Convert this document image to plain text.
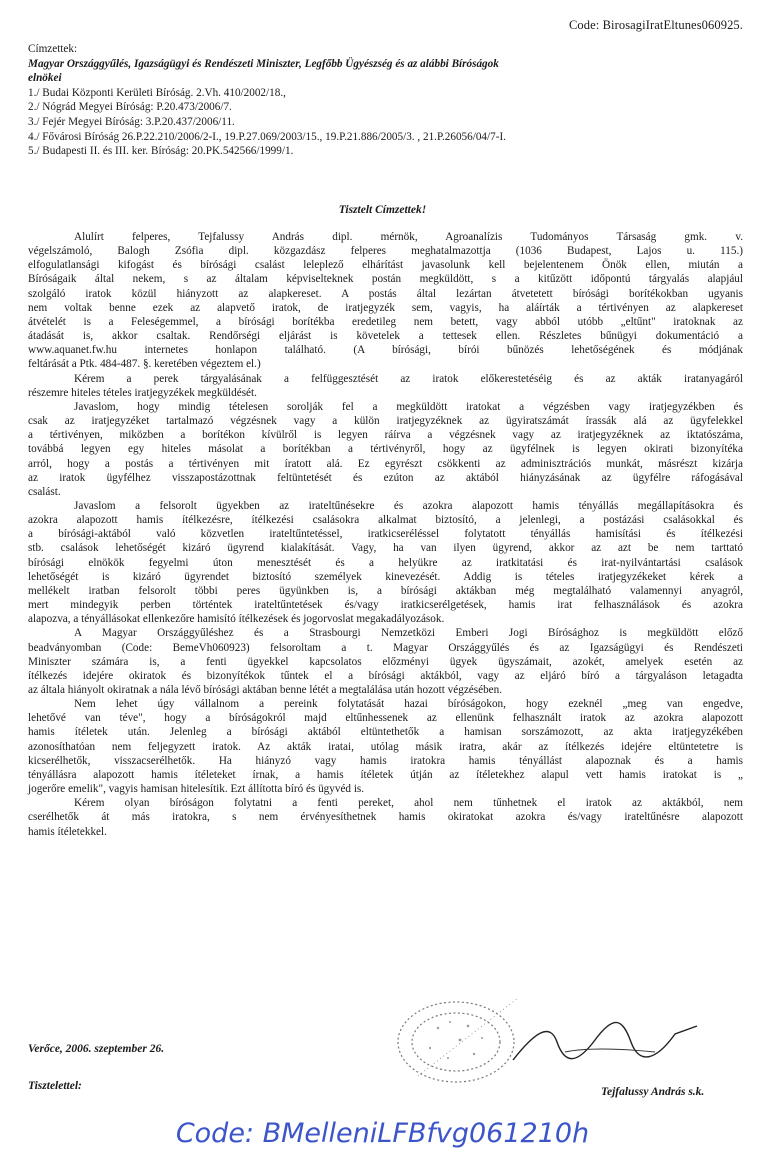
Code: BirosagiIratEltunes060925.
Címzettek:
Magyar Országgyűlés, Igazságügyi és Rendészeti Miniszter, Legfőbb Ügyészség és az alábbi Bíróságok
elnökei
1./ Budai Központi Kerületi Bíróság. 2.Vh. 410/2002/18.,
2./ Nógrád Megyei Bíróság: P.20.473/2006/7.
3./ Fejér Megyei Bíróság: 3.P.20.437/2006/11.
4./ Fővárosi Bíróság 26.P.22.210/2006/2-I., 19.P.27.069/2003/15., 19.P.21.886/2005/3. , 21.P.26056/04/7-I.
5./ Budapesti II. és III. ker. Bíróság: 20.PK.542566/1999/1.
Tisztelt Címzettek!
Alulírt felperes, Tejfalussy András dipl. mérnök, Agroanalízis Tudományos Társaság gmk. v.
végelszámoló, Balogh Zsófia dipl. közgazdász felperes meghatalmazottja (1036 Budapest, Lajos u. 115.)
elfogulatlansági kifogást és bírósági csalást leleplező elhárítást javasolunk kell bejelentenem Önök ellen, miután a
Bíróságaik által nekem, s az általam képviselteknek postán megküldött, s a kitűzött időpontú tárgyalás alapjául
szolgáló iratok közül hiányzott az alapkereset. A postás által lezártan átvetetett bírósági borítékokban ugyanis
nem voltak benne ezek az alapvető iratok, de iratjegyzék sem, vagyis, ha aláírták a tértivényen az alapkereset
átvételét is a Feleségemmel, a bírósági borítékba eredetileg nem betett, vagy abból utóbb „eltűnt" iratoknak az
átadását is, akkor csaltak. Rendőrségi eljárást is követelek a tettesek ellen. Részletes bűnügyi dokumentáció a
www.aquanet.fw.hu internetes honlapon található. (A bírósági, bírói bűnözés lehetőségének és módjának
feltárását a Ptk. 484-487. §. keretében végeztem el.)
Kérem a perek tárgyalásának a felfüggesztését az iratok előkerestetéséig és az akták iratanyagáról
részemre hiteles tételes iratjegyzékek megküldését.
Javaslom, hogy mindig tételesen sorolják fel a megküldött iratokat a végzésben vagy iratjegyzékben és
csak az iratjegyzéket tartalmazó végzésnek vagy a külön iratjegyzéknek az ügyiratszámát írassák alá az ügyfelekkel
a tértivényen, miközben a borítékon kívülről is legyen ráírva a végzésnek vagy az iratjegyzéknek az iktatószáma,
továbbá legyen egy hiteles másolat a borítékban a tértivényről, hogy az ügyfélnek is legyen okirati bizonyítéka
arról, hogy a postás a tértivényen mit íratott alá. Ez egyrészt csökkenti az adminisztrációs munkát, másrészt kizárja
az iratok ügyfélhez visszapostázottnak feltüntetését és ezúton az aktából hiányzásának az ügyfélre ráfogásával
csalást.
Javaslom a felsorolt ügyekben az irateltűnésekre és azokra alapozott hamis tényállás megállapításokra és
azokra alapozott hamis ítélkezésre, ítélkezési csalásokra alkalmat biztosító, a jelenlegi, a postázási csalásokkal és
a bírósági-aktából való közvetlen irateltűntetéssel, iratkicseréléssel folytatott tényállás hamisítási és ítélkezési
stb. csalások lehetőségét kizáró ügyrend kialakítását. Vagy, ha van ilyen ügyrend, akkor az azt be nem tarttató
bírósági elnökök fegyelmi úton menesztését és a helyükre az iratkitatási és irat-nyilvántartási csalások
lehetőségét is kizáró ügyrendet biztosító személyek kinevezését. Addig is tételes iratjegyzékeket kérek a
mellékelt iratban felsorolt többi peres ügyünkben is, a bírósági aktákban még megtalálható valamennyi anyagról,
mert mindegyik perben történtek irateltűntetések és/vagy iratkicserélgetések, hamis irat felhasználások és azokra
alapozva, a tényállásokat ellenkezőre hamisító ítélkezések és jogorvoslat megakadályozások.
A Magyar Országgyűléshez és a Strasbourgi Nemzetközi Emberi Jogi Bírósághoz is megküldött előző
beadványomban (Code: BemeVh060923) felsoroltam a t. Magyar Országgyűlés és az Igazságügyi és Rendészeti
Miniszter számára is, a fenti ügyekkel kapcsolatos előzményi ügyek ügyszámait, azokét, amelyek esetén az
ítélkezés idejére okiratok és bizonyítékok tűntek el a bírósági aktákból, vagy az eljáró bíró a tárgyaláson letagadta
az általa hiányolt okiratnak a nála lévő bírósági aktában benne létét a megtalálása után hozott végzésében.
Nem lehet úgy vállalnom a pereink folytatását hazai bíróságokon, hogy ezeknél „meg van engedve,
lehetővé van téve", hogy a bíróságokról majd eltűnhessenek az ellenünk felhasznált iratok az azokra alapozott
hamis ítéletek után. Jelenleg a bírósági aktából eltüntethetők a hamisan sorszámozott, az akta iratjegyzékében
azonosíthatóan nem feljegyzett iratok. Az akták iratai, utólag másik iratra, akár az ítélkezés idejére eltüntetetre is
kicserélhetők, visszacserélhetők. Ha hiányzó vagy hamis iratokra hamis tényállást alapoznak és a hamis
tényállásra alapozott hamis ítéleteket írnak, a hamis ítéletek útján az ítéletekhez alapul vett hamis iratokat is „
jogerőre emelik", vagyis hamisan hitelesítik. Ezt állította bíró és ügyvéd is.
Kérem olyan bíróságon folytatni a fenti pereket, ahol nem tűnhetnek el iratok az aktákból, nem
cserélhetők át más iratokra, s nem érvényesíthetnek hamis okiratokat azokra és/vagy irateltűnésre alapozott
hamis ítéletekkel.
Verőce, 2006. szeptember 26.
Tisztelettel:	Tejfalussy András s.k.
Code: BMelleniLFBfvg061210h
